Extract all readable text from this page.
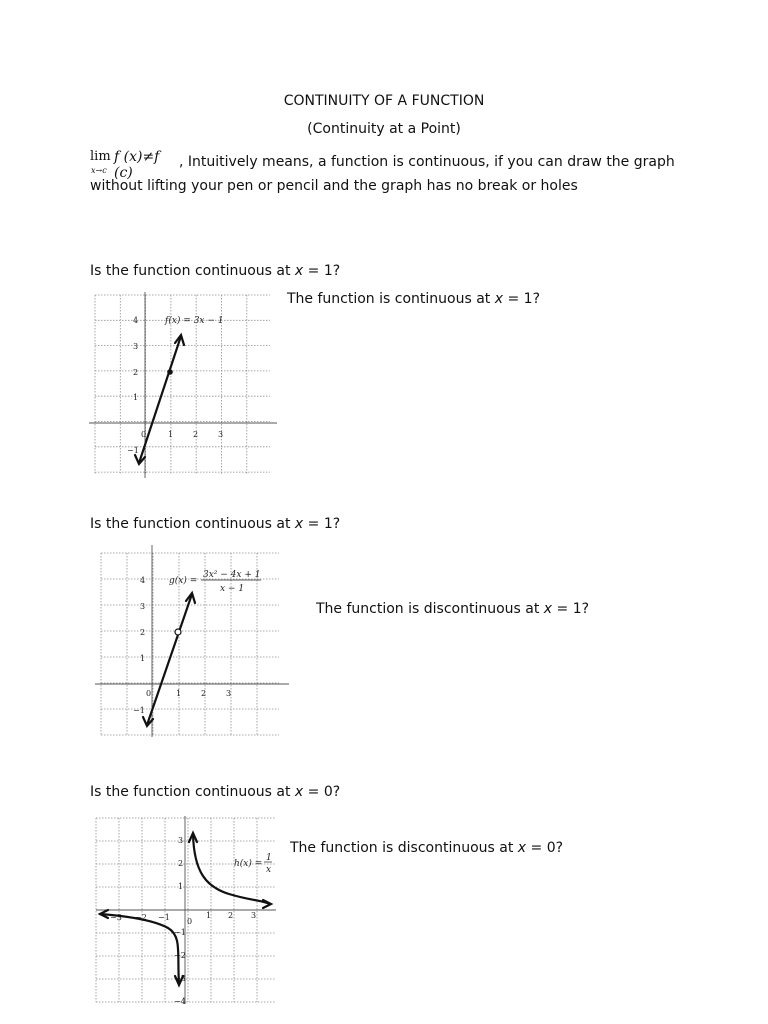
CONTINUITY OF A FUNCTION
(Continuity at a Point)
lim
x→c
f (x)≠f (c)
, Intuitively means, a function is continuous, if you can draw the graph
without lifting your pen or pencil and the graph has no break or holes
Is the function continuous at x = 1?
The function is continuous at x = 1?
0	1 2 3
4
3
2
1
−1
f(x) = 3x − 1
Is the function continuous at x = 1?
The function is discontinuous at x = 1?
0	1 2 3
4
3
2
1
−1
g(x) =
3x² − 4x + 1
x − 1
Is the function continuous at x = 0?
The function is discontinuous at x = 0?
−3 −2 −1 0
1 2 3
3
2
1
−1
−2
−3
−4
h(x) =
1
x
